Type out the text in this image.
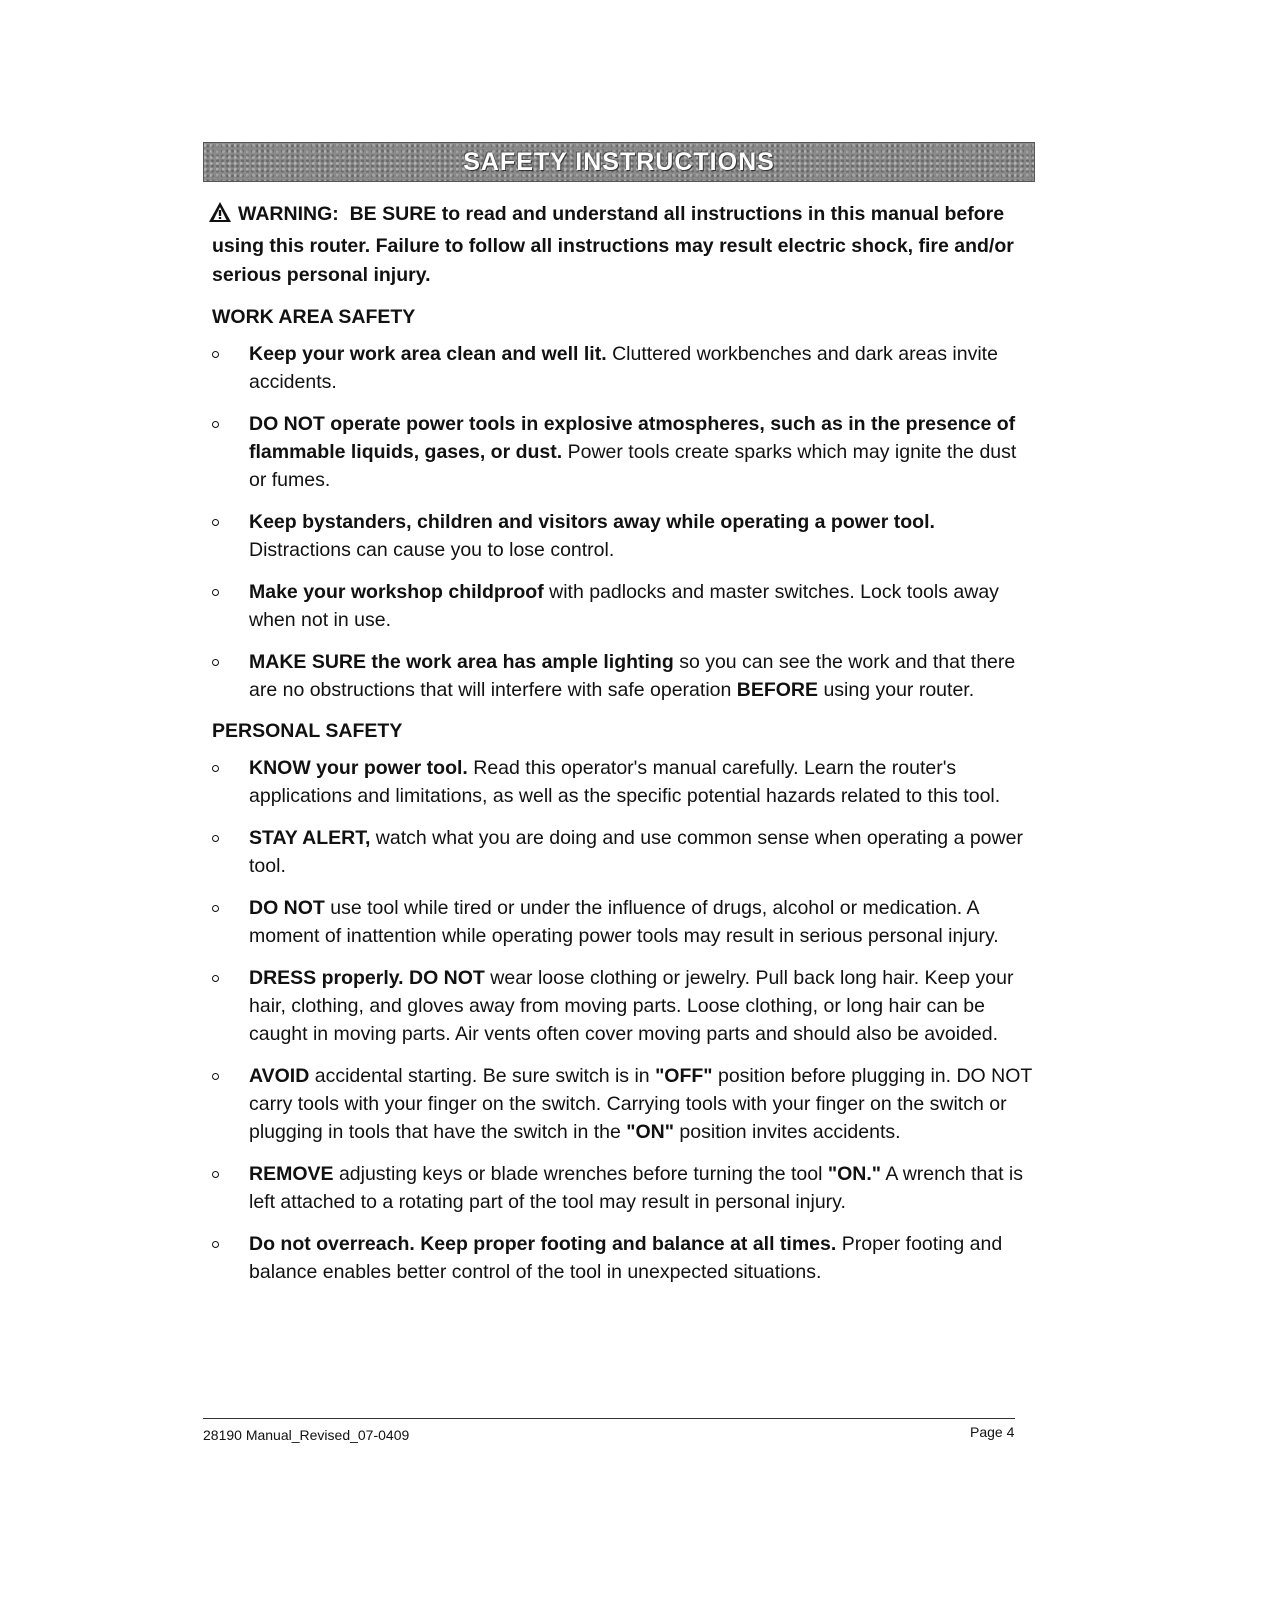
SAFETY INSTRUCTIONS

WARNING: BE SURE to read and understand all instructions in this manual before using this router. Failure to follow all instructions may result electric shock, fire and/or serious personal injury.

WORK AREA SAFETY
Keep your work area clean and well lit. Cluttered workbenches and dark areas invite accidents.
DO NOT operate power tools in explosive atmospheres, such as in the presence of flammable liquids, gases, or dust. Power tools create sparks which may ignite the dust or fumes.
Keep bystanders, children and visitors away while operating a power tool. Distractions can cause you to lose control.
Make your workshop childproof with padlocks and master switches. Lock tools away when not in use.
MAKE SURE the work area has ample lighting so you can see the work and that there are no obstructions that will interfere with safe operation BEFORE using your router.
PERSONAL SAFETY
KNOW your power tool. Read this operator's manual carefully. Learn the router's applications and limitations, as well as the specific potential hazards related to this tool.
STAY ALERT, watch what you are doing and use common sense when operating a power tool.
DO NOT use tool while tired or under the influence of drugs, alcohol or medication. A moment of inattention while operating power tools may result in serious personal injury.
DRESS properly. DO NOT wear loose clothing or jewelry. Pull back long hair. Keep your hair, clothing, and gloves away from moving parts. Loose clothing, or long hair can be caught in moving parts. Air vents often cover moving parts and should also be avoided.
AVOID accidental starting. Be sure switch is in "OFF" position before plugging in. DO NOT carry tools with your finger on the switch. Carrying tools with your finger on the switch or plugging in tools that have the switch in the "ON" position invites accidents.
REMOVE adjusting keys or blade wrenches before turning the tool "ON." A wrench that is left attached to a rotating part of the tool may result in personal injury.
Do not overreach. Keep proper footing and balance at all times. Proper footing and balance enables better control of the tool in unexpected situations.
28190 Manual_Revised_07-0409	Page 4
